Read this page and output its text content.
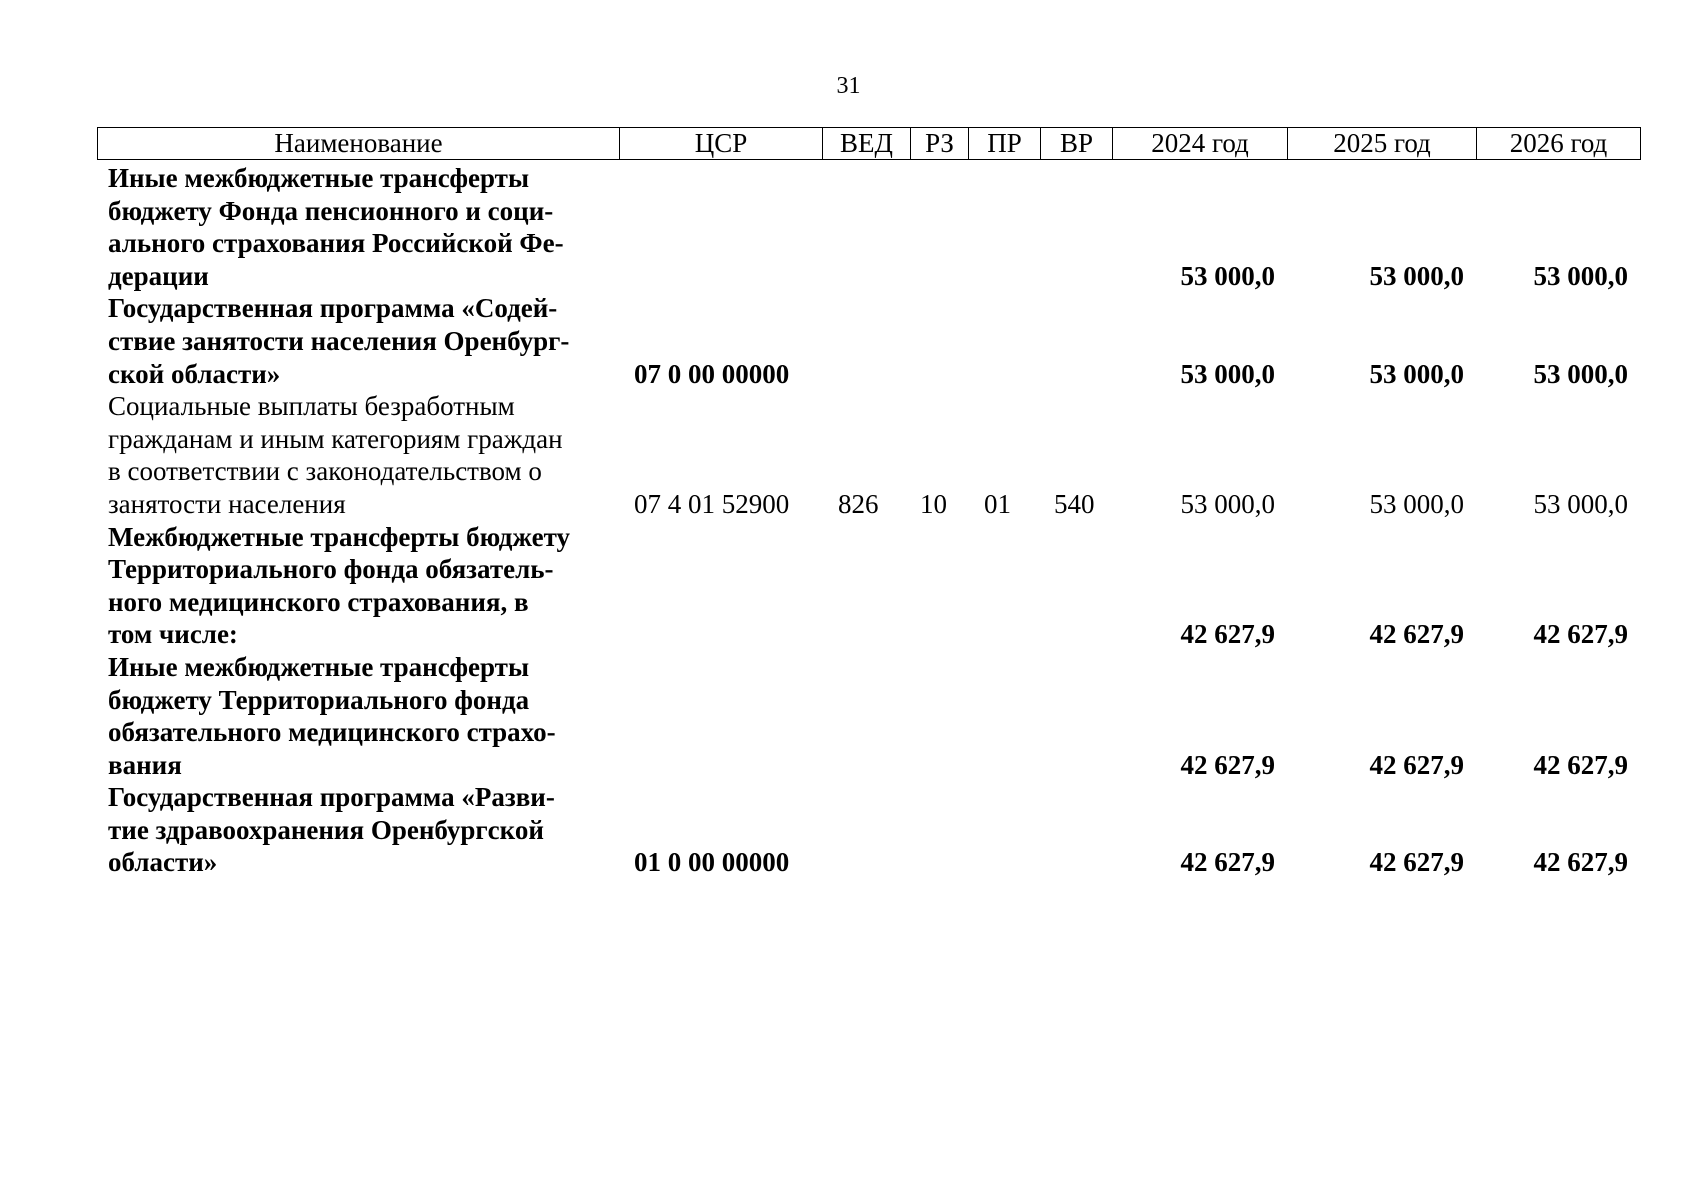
31
Наименование	ЦСР	ВЕД	РЗ	ПР	ВР	2024 год	2025 год	2026 год
Иные межбюджетные трансферты
бюджету Фонда пенсионного и соци-
ального страхования Российской Фе-
дерации						53 000,0	53 000,0	53 000,0

Государственная программа «Содей-
ствие занятости населения Оренбург-
ской области»	07 0 00 00000					53 000,0	53 000,0	53 000,0

Социальные выплаты безработным
гражданам и иным категориям граждан
в соответствии с законодательством о
занятости населения	07 4 01 52900	826	10	01	540	53 000,0	53 000,0	53 000,0

Межбюджетные трансферты бюджету
Территориального фонда обязатель-
ного медицинского страхования, в
том числе:						42 627,9	42 627,9	42 627,9

Иные межбюджетные трансферты
бюджету Территориального фонда
обязательного медицинского страхо-
вания						42 627,9	42 627,9	42 627,9

Государственная программа «Разви-
тие здравоохранения Оренбургской
области»	01 0 00 00000					42 627,9	42 627,9	42 627,9
